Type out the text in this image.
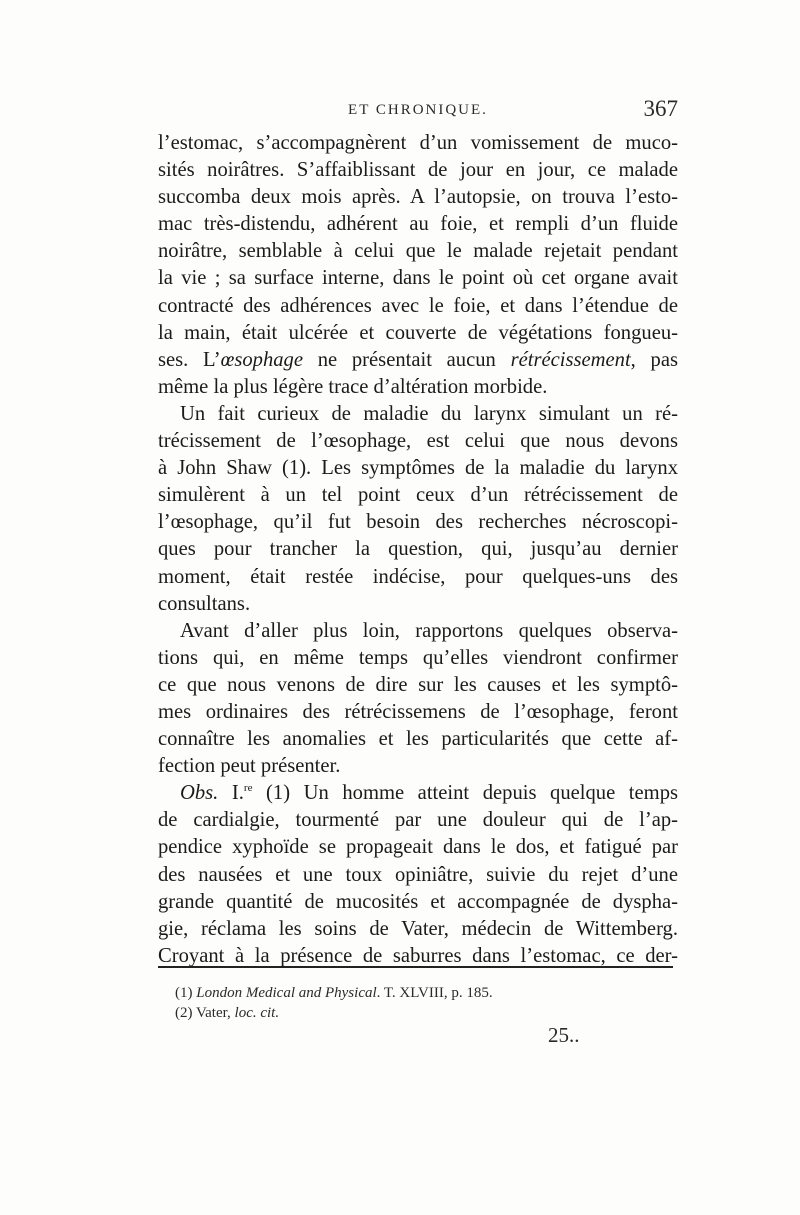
ET CHRONIQUE.	367
l’estomac, s’accompagnèrent d’un vomissement de muco-
sités noirâtres. S’affaiblissant de jour en jour, ce malade
succomba deux mois après. A l’autopsie, on trouva l’esto-
mac très-distendu, adhérent au foie, et rempli d’un fluide
noirâtre, semblable à celui que le malade rejetait pendant
la vie ; sa surface interne, dans le point où cet organe avait
contracté des adhérences avec le foie, et dans l’étendue de
la main, était ulcérée et couverte de végétations fongueu-
ses. L’œsophage ne présentait aucun rétrécissement, pas
même la plus légère trace d’altération morbide.
Un fait curieux de maladie du larynx simulant un ré-
trécissement de l’œsophage, est celui que nous devons
à John Shaw (1). Les symptômes de la maladie du larynx
simulèrent à un tel point ceux d’un rétrécissement de
l’œsophage, qu’il fut besoin des recherches nécroscopi-
ques pour trancher la question, qui, jusqu’au dernier
moment, était restée indécise, pour quelques-uns des
consultans.
Avant d’aller plus loin, rapportons quelques observa-
tions qui, en même temps qu’elles viendront confirmer
ce que nous venons de dire sur les causes et les symptô-
mes ordinaires des rétrécissemens de l’œsophage, feront
connaître les anomalies et les particularités que cette af-
fection peut présenter.
Obs. I.$^{re}$ (1) Un homme atteint depuis quelque temps
de cardialgie, tourmenté par une douleur qui de l’ap-
pendice xyphoïde se propageait dans le dos, et fatigué par
des nausées et une toux opiniâtre, suivie du rejet d’une
grande quantité de mucosités et accompagnée de dyspha-
gie, réclama les soins de Vater, médecin de Wittemberg.
Croyant à la présence de saburres dans l’estomac, ce der-
(1) London Medical and Physical. T. XLVIII, p. 185.
(2) Vater, loc. cit.
25..
